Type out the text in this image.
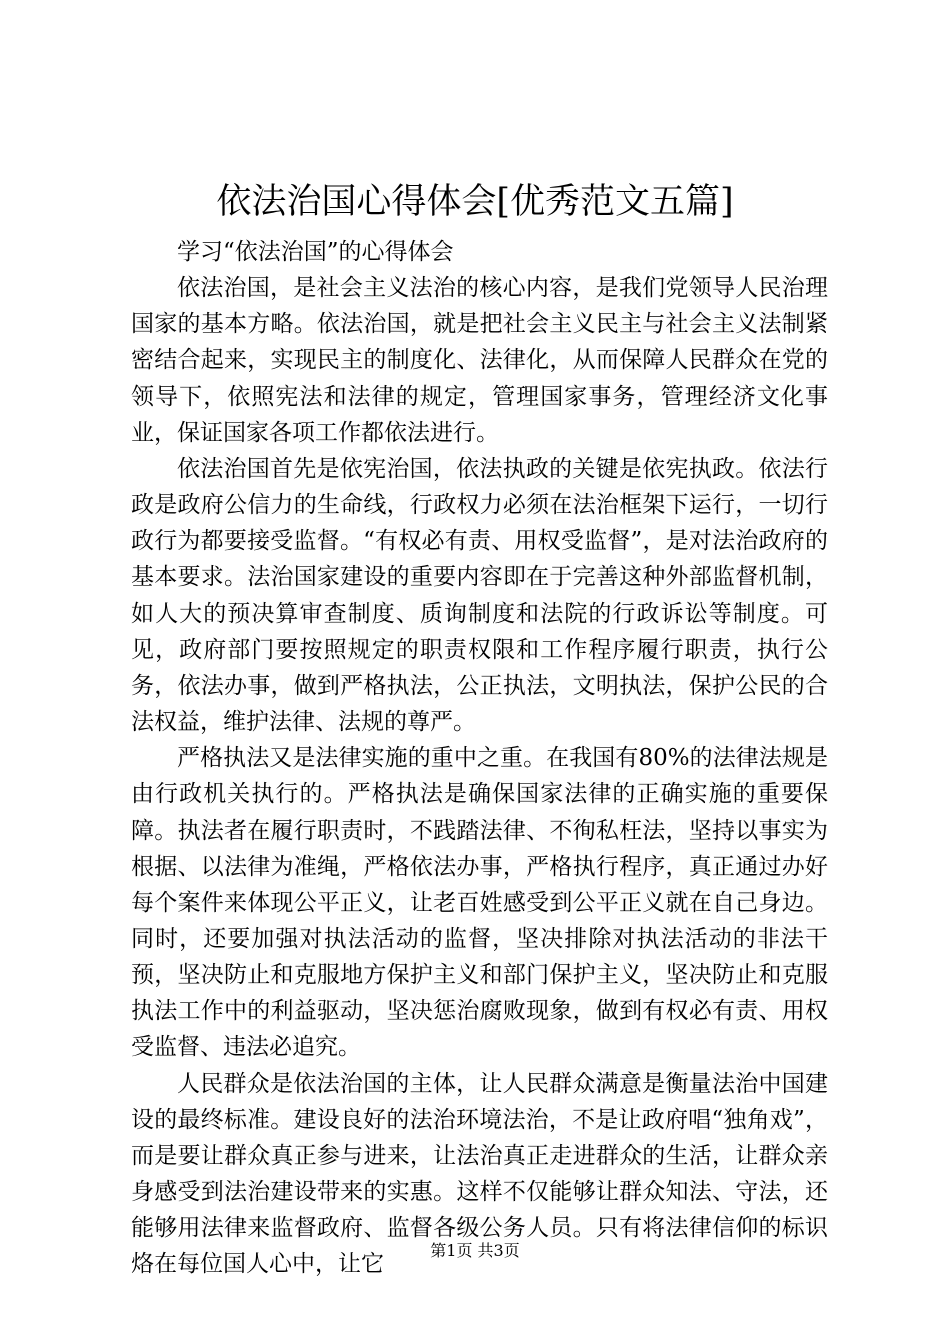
依法治国心得体会[优秀范文五篇]

学习“依法治国”的心得体会

依法治国，是社会主义法治的核心内容，是我们党领导人民治理国家的基本方略。依法治国，就是把社会主义民主与社会主义法制紧密结合起来，实现民主的制度化、法律化，从而保障人民群众在党的领导下，依照宪法和法律的规定，管理国家事务，管理经济文化事业，保证国家各项工作都依法进行。

依法治国首先是依宪治国，依法执政的关键是依宪执政。依法行政是政府公信力的生命线，行政权力必须在法治框架下运行，一切行政行为都要接受监督。“有权必有责、用权受监督”，是对法治政府的基本要求。法治国家建设的重要内容即在于完善这种外部监督机制，如人大的预决算审查制度、质询制度和法院的行政诉讼等制度。可见，政府部门要按照规定的职责权限和工作程序履行职责，执行公务，依法办事，做到严格执法，公正执法，文明执法，保护公民的合法权益，维护法律、法规的尊严。

严格执法又是法律实施的重中之重。在我国有80%的法律法规是由行政机关执行的。严格执法是确保国家法律的正确实施的重要保障。执法者在履行职责时，不践踏法律、不徇私枉法，坚持以事实为根据、以法律为准绳，严格依法办事，严格执行程序，真正通过办好每个案件来体现公平正义，让老百姓感受到公平正义就在自己身边。同时，还要加强对执法活动的监督，坚决排除对执法活动的非法干预，坚决防止和克服地方保护主义和部门保护主义，坚决防止和克服执法工作中的利益驱动，坚决惩治腐败现象，做到有权必有责、用权受监督、违法必追究。

人民群众是依法治国的主体，让人民群众满意是衡量法治中国建设的最终标准。建设良好的法治环境法治，不是让政府唱“独角戏”，而是要让群众真正参与进来，让法治真正走进群众的生活，让群众亲身感受到法治建设带来的实惠。这样不仅能够让群众知法、守法，还能够用法律来监督政府、监督各级公务人员。只有将法律信仰的标识烙在每位国人心中，让它

第1页 共3页
